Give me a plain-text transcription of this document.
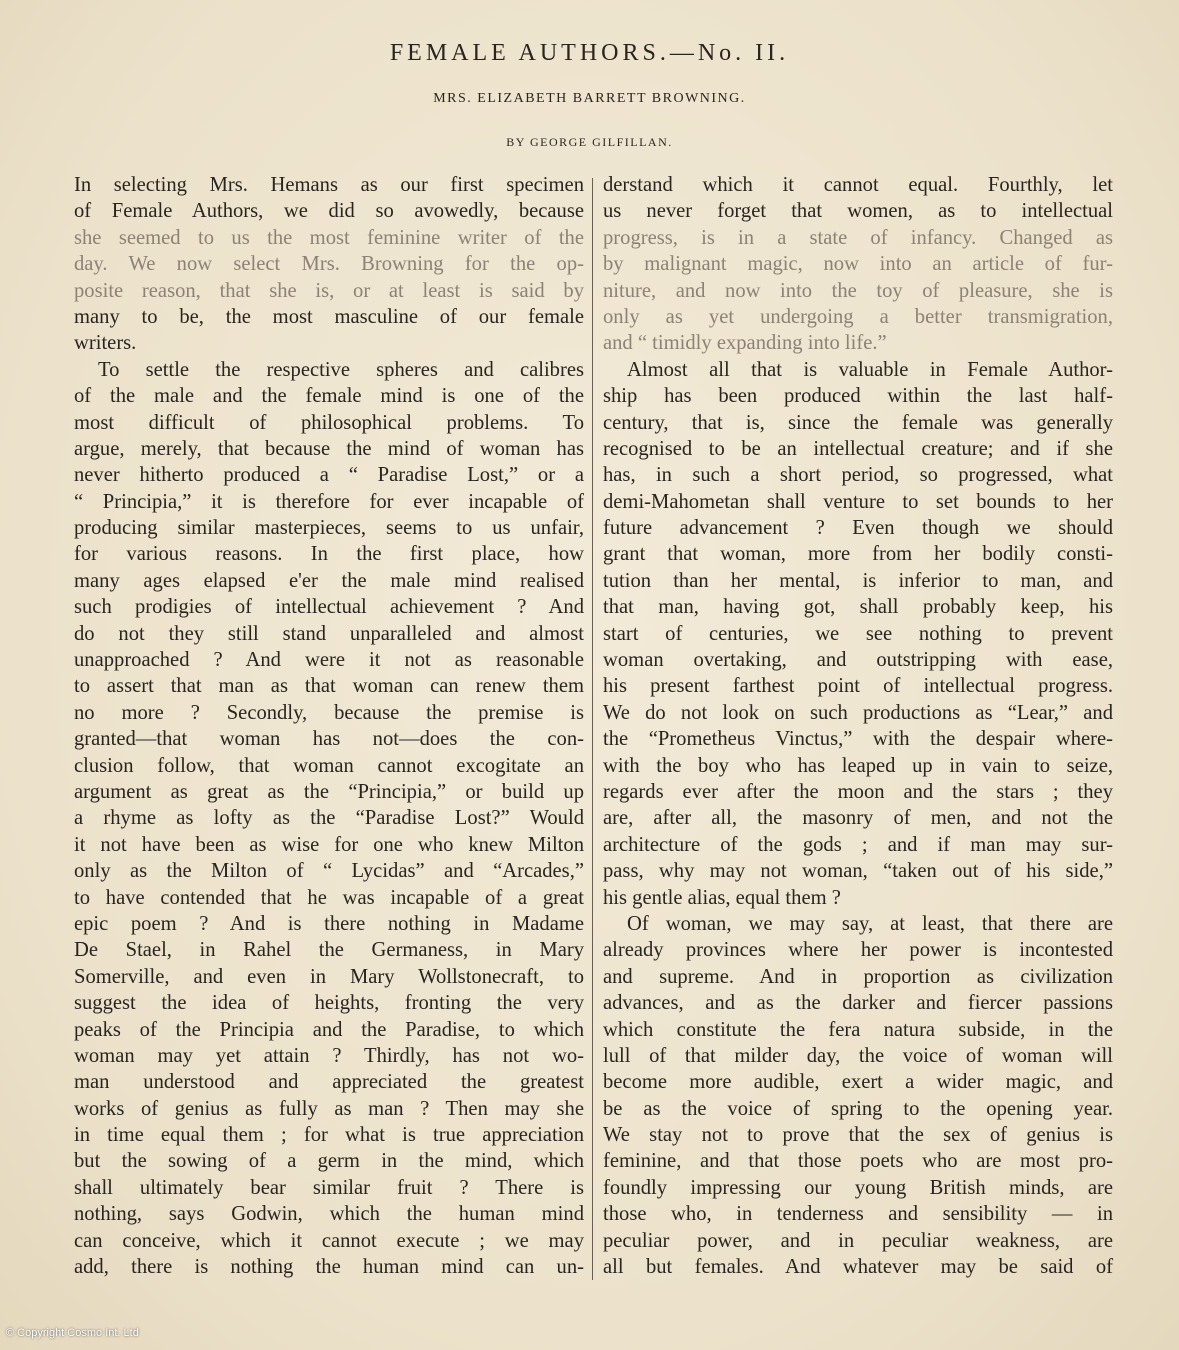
FEMALE AUTHORS.—No. II.
MRS. ELIZABETH BARRETT BROWNING.
BY GEORGE GILFILLAN.
In selecting Mrs. Hemans as our first specimen
of Female Authors, we did so avowedly, because
she seemed to us the most feminine writer of the
day. We now select Mrs. Browning for the op-
posite reason, that she is, or at least is said by
many to be, the most masculine of our female
writers.
To settle the respective spheres and calibres
of the male and the female mind is one of the
most difficult of philosophical problems. To
argue, merely, that because the mind of woman has
never hitherto produced a “ Paradise Lost,” or a
“ Principia,” it is therefore for ever incapable of
producing similar masterpieces, seems to us unfair,
for various reasons. In the first place, how
many ages elapsed e'er the male mind realised
such prodigies of intellectual achievement ? And
do not they still stand unparalleled and almost
unapproached ? And were it not as reasonable
to assert that man as that woman can renew them
no more ? Secondly, because the premise is
granted—that woman has not—does the con-
clusion follow, that woman cannot excogitate an
argument as great as the “Principia,” or build up
a rhyme as lofty as the “Paradise Lost?” Would
it not have been as wise for one who knew Milton
only as the Milton of “ Lycidas” and “Arcades,”
to have contended that he was incapable of a great
epic poem ? And is there nothing in Madame
De Stael, in Rahel the Germaness, in Mary
Somerville, and even in Mary Wollstonecraft, to
suggest the idea of heights, fronting the very
peaks of the Principia and the Paradise, to which
woman may yet attain ? Thirdly, has not wo-
man understood and appreciated the greatest
works of genius as fully as man ? Then may she
in time equal them ; for what is true appreciation
but the sowing of a germ in the mind, which
shall ultimately bear similar fruit ? There is
nothing, says Godwin, which the human mind
can conceive, which it cannot execute ; we may
add, there is nothing the human mind can un-
derstand which it cannot equal. Fourthly, let
us never forget that women, as to intellectual
progress, is in a state of infancy. Changed as
by malignant magic, now into an article of fur-
niture, and now into the toy of pleasure, she is
only as yet undergoing a better transmigration,
and “ timidly expanding into life.”
Almost all that is valuable in Female Author-
ship has been produced within the last half-
century, that is, since the female was generally
recognised to be an intellectual creature; and if she
has, in such a short period, so progressed, what
demi-Mahometan shall venture to set bounds to her
future advancement ? Even though we should
grant that woman, more from her bodily consti-
tution than her mental, is inferior to man, and
that man, having got, shall probably keep, his
start of centuries, we see nothing to prevent
woman overtaking, and outstripping with ease,
his present farthest point of intellectual progress.
We do not look on such productions as “Lear,” and
the “Prometheus Vinctus,” with the despair where-
with the boy who has leaped up in vain to seize,
regards ever after the moon and the stars ; they
are, after all, the masonry of men, and not the
architecture of the gods ; and if man may sur-
pass, why may not woman, “taken out of his side,”
his gentle alias, equal them ?
Of woman, we may say, at least, that there are
already provinces where her power is incontested
and supreme. And in proportion as civilization
advances, and as the darker and fiercer passions
which constitute the fera natura subside, in the
lull of that milder day, the voice of woman will
become more audible, exert a wider magic, and
be as the voice of spring to the opening year.
We stay not to prove that the sex of genius is
feminine, and that those poets who are most pro-
foundly impressing our young British minds, are
those who, in tenderness and sensibility — in
peculiar power, and in peculiar weakness, are
all but females. And whatever may be said of
© Copyright Cosmo Int. Ltd
